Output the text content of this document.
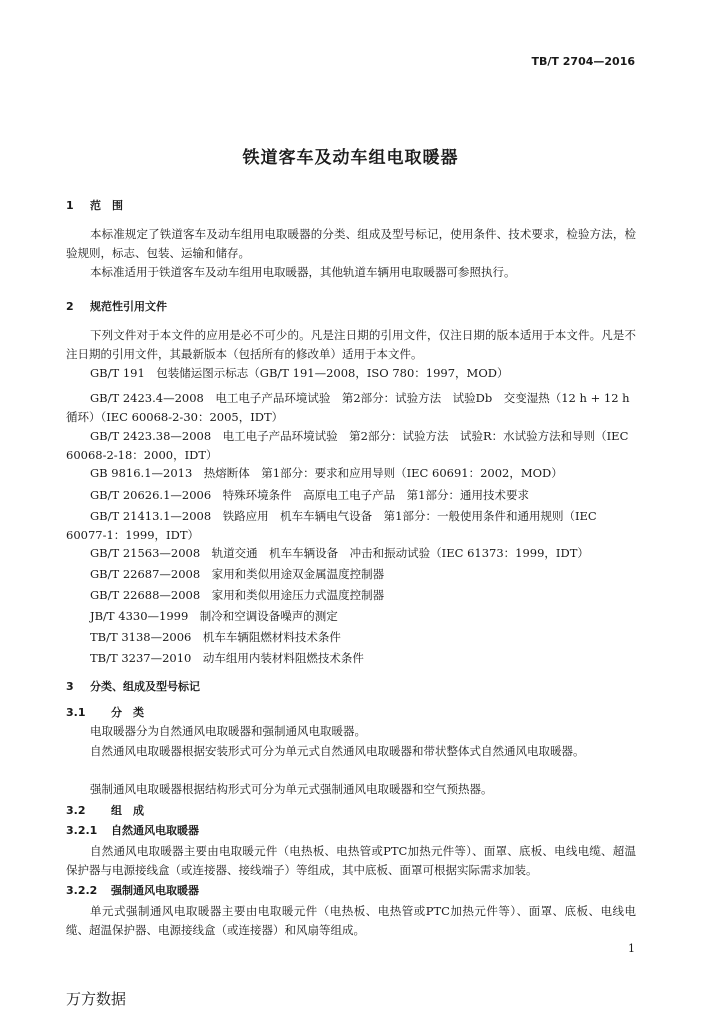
TB/T 2704—2016
铁道客车及动车组电取暖器
1 范　围

本标准规定了铁道客车及动车组用电取暖器的分类、组成及型号标记，使用条件、技术要求，检验方法，检验规则，标志、包装、运输和储存。

本标准适用于铁道客车及动车组用电取暖器，其他轨道车辆用电取暖器可参照执行。

2 规范性引用文件

下列文件对于本文件的应用是必不可少的。凡是注日期的引用文件，仅注日期的版本适用于本文件。凡是不注日期的引用文件，其最新版本（包括所有的修改单）适用于本文件。

GB/T 191　包装储运图示标志（GB/T 191—2008，ISO 780：1997，MOD）

GB/T 2423.4—2008　电工电子产品环境试验　第2部分：试验方法　试验Db　交变湿热（12 h + 12 h循环）（IEC 60068-2-30：2005，IDT）

GB/T 2423.38—2008　电工电子产品环境试验　第2部分：试验方法　试验R：水试验方法和导则（IEC 60068-2-18：2000，IDT）

GB 9816.1—2013　热熔断体　第1部分：要求和应用导则（IEC 60691：2002，MOD）

GB/T 20626.1—2006　特殊环境条件　高原电工电子产品　第1部分：通用技术要求

GB/T 21413.1—2008　铁路应用　机车车辆电气设备　第1部分：一般使用条件和通用规则（IEC 60077-1：1999，IDT）

GB/T 21563—2008　轨道交通　机车车辆设备　冲击和振动试验（IEC 61373：1999，IDT）

GB/T 22687—2008　家用和类似用途双金属温度控制器

GB/T 22688—2008　家用和类似用途压力式温度控制器

JB/T 4330—1999　制冷和空调设备噪声的测定

TB/T 3138—2006　机车车辆阻燃材料技术条件

TB/T 3237—2010　动车组用内装材料阻燃技术条件

3 分类、组成及型号标记
3.1 分　类

电取暖器分为自然通风电取暖器和强制通风电取暖器。

自然通风电取暖器根据安装形式可分为单元式自然通风电取暖器和带状整体式自然通风电取暖器。

强制通风电取暖器根据结构形式可分为单元式强制通风电取暖器和空气预热器。

3.2 组　成
3.2.1 自然通风电取暖器

自然通风电取暖器主要由电取暖元件（电热板、电热管或PTC加热元件等）、面罩、底板、电线电缆、超温保护器与电源接线盒（或连接器、接线端子）等组成，其中底板、面罩可根据实际需求加装。

3.2.2 强制通风电取暖器

单元式强制通风电取暖器主要由电取暖元件（电热板、电热管或PTC加热元件等）、面罩、底板、电线电缆、超温保护器、电源接线盒（或连接器）和风扇等组成。

1
万方数据
